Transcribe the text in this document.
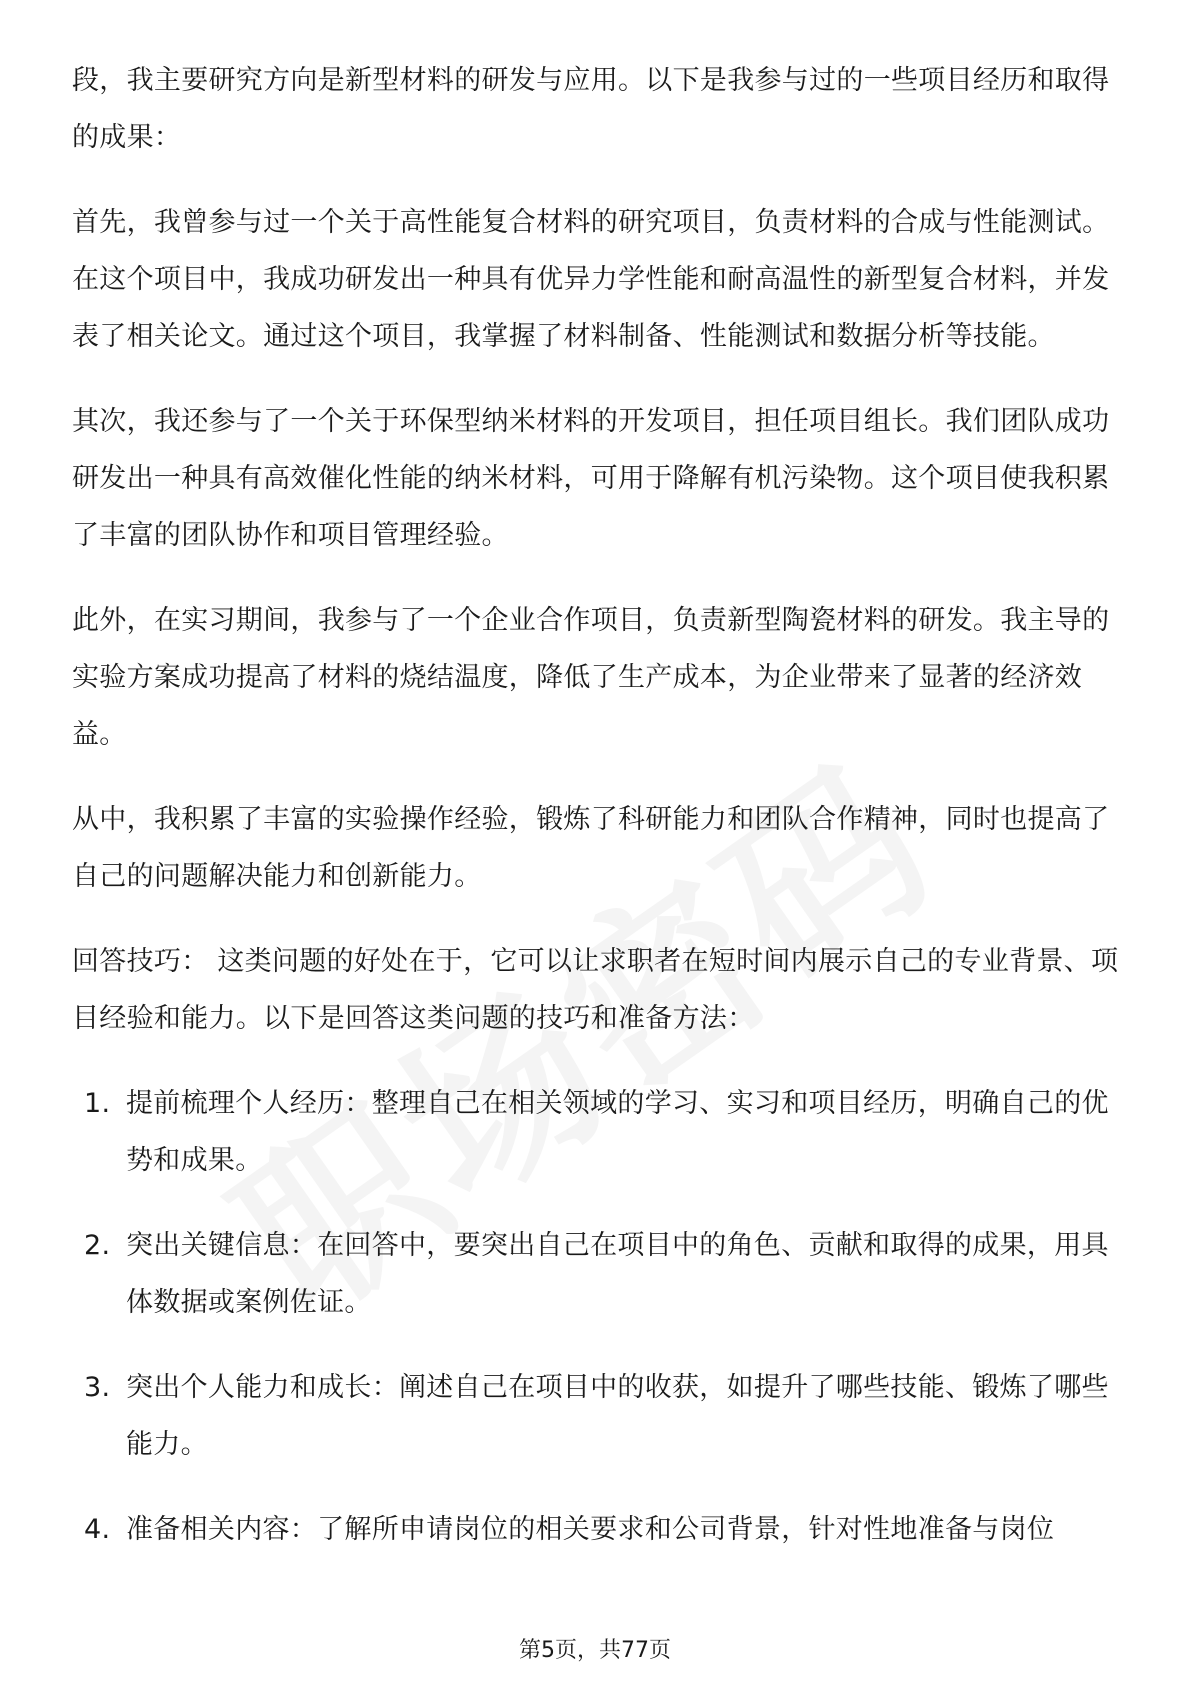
段，我主要研究方向是新型材料的研发与应用。以下是我参与过的一些项目经历和取得的成果：

首先，我曾参与过一个关于高性能复合材料的研究项目，负责材料的合成与性能测试。在这个项目中，我成功研发出一种具有优异力学性能和耐高温性的新型复合材料，并发表了相关论文。通过这个项目，我掌握了材料制备、性能测试和数据分析等技能。

其次，我还参与了一个关于环保型纳米材料的开发项目，担任项目组长。我们团队成功研发出一种具有高效催化性能的纳米材料，可用于降解有机污染物。这个项目使我积累了丰富的团队协作和项目管理经验。

此外，在实习期间，我参与了一个企业合作项目，负责新型陶瓷材料的研发。我主导的实验方案成功提高了材料的烧结温度，降低了生产成本，为企业带来了显著的经济效益。

从中，我积累了丰富的实验操作经验，锻炼了科研能力和团队合作精神，同时也提高了自己的问题解决能力和创新能力。

回答技巧： 这类问题的好处在于，它可以让求职者在短时间内展示自己的专业背景、项目经验和能力。以下是回答这类问题的技巧和准备方法：

1. 提前梳理个人经历：整理自己在相关领域的学习、实习和项目经历，明确自己的优势和成果。
2. 突出关键信息：在回答中，要突出自己在项目中的角色、贡献和取得的成果，用具体数据或案例佐证。
3. 突出个人能力和成长：阐述自己在项目中的收获，如提升了哪些技能、锻炼了哪些能力。
4. 准备相关内容：了解所申请岗位的相关要求和公司背景，针对性地准备与岗位
第5页，共77页
